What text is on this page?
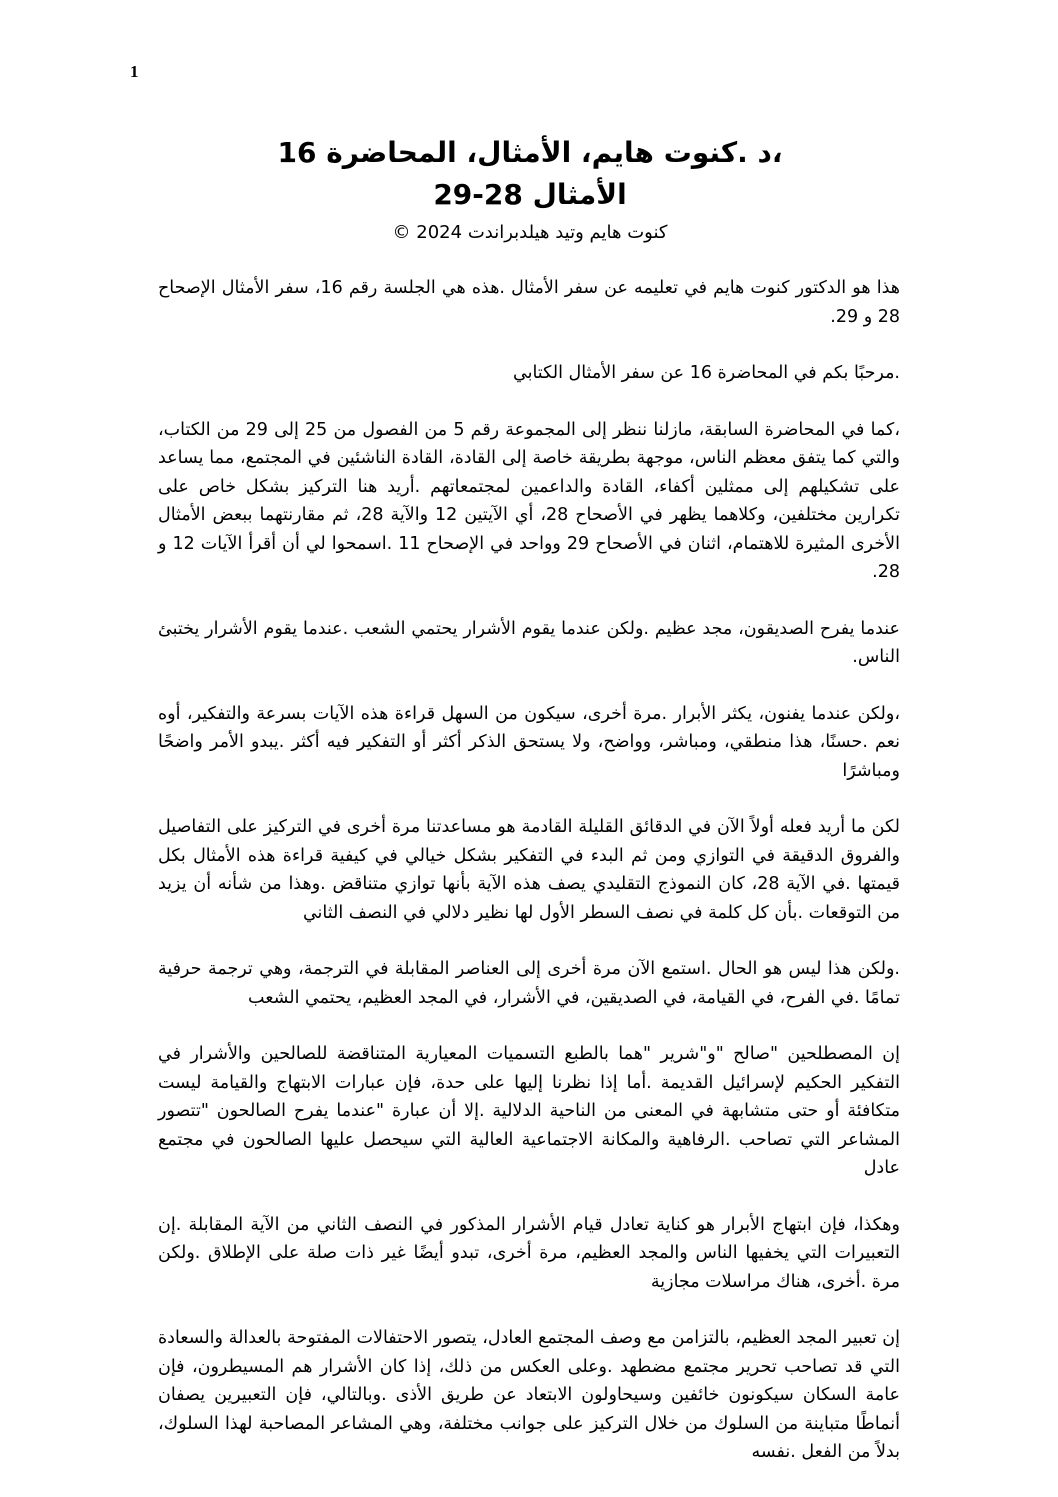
1
،د .كنوت هايم، الأمثال، المحاضرة 16
الأمثال 28-29
كنوت هايم وتيد هيلدبراندت 2024 ©

هذا هو الدكتور كنوت هايم في تعليمه عن سفر الأمثال .هذه هي الجلسة رقم 16، سفر الأمثال الإصحاح 28 و 29.

.مرحبًا بكم في المحاضرة 16 عن سفر الأمثال الكتابي

،كما في المحاضرة السابقة، مازلنا ننظر إلى المجموعة رقم 5 من الفصول من 25 إلى 29 من الكتاب، والتي كما يتفق معظم الناس، موجهة بطريقة خاصة إلى القادة، القادة الناشئين في المجتمع، مما يساعد على تشكيلهم إلى ممثلين أكفاء، القادة والداعمين لمجتمعاتهم .أريد هنا التركيز بشكل خاص على تكرارين مختلفين، وكلاهما يظهر في الأصحاح 28، أي الآيتين 12 والآية 28، ثم مقارنتهما ببعض الأمثال الأخرى المثيرة للاهتمام، اثنان في الأصحاح 29 وواحد في الإصحاح 11 .اسمحوا لي أن أقرأ الآيات 12 و 28.

عندما يفرح الصديقون، مجد عظيم .ولكن عندما يقوم الأشرار يحتمي الشعب .عندما يقوم الأشرار يختبئ الناس.

،ولكن عندما يفنون، يكثر الأبرار .مرة أخرى، سيكون من السهل قراءة هذه الآيات بسرعة والتفكير، أوه نعم .حسنًا، هذا منطقي، ومباشر، وواضح، ولا يستحق الذكر أكثر أو التفكير فيه أكثر .يبدو الأمر واضحًا ومباشرًا

لكن ما أريد فعله أولاً الآن في الدقائق القليلة القادمة هو مساعدتنا مرة أخرى في التركيز على التفاصيل والفروق الدقيقة في التوازي ومن ثم البدء في التفكير بشكل خيالي في كيفية قراءة هذه الأمثال بكل قيمتها .في الآية 28، كان النموذج التقليدي يصف هذه الآية بأنها توازي متناقض .وهذا من شأنه أن يزيد من التوقعات .بأن كل كلمة في نصف السطر الأول لها نظير دلالي في النصف الثاني

.ولكن هذا ليس هو الحال .استمع الآن مرة أخرى إلى العناصر المقابلة في الترجمة، وهي ترجمة حرفية تمامًا .في الفرح، في القيامة، في الصديقين، في الأشرار، في المجد العظيم، يحتمي الشعب

إن المصطلحين "صالح "و"شرير "هما بالطبع التسميات المعيارية المتناقضة للصالحين والأشرار في التفكير الحكيم لإسرائيل القديمة .أما إذا نظرنا إليها على حدة، فإن عبارات الابتهاج والقيامة ليست متكافئة أو حتى متشابهة في المعنى من الناحية الدلالية .إلا أن عبارة "عندما يفرح الصالحون "تتصور المشاعر التي تصاحب .الرفاهية والمكانة الاجتماعية العالية التي سيحصل عليها الصالحون في مجتمع عادل

وهكذا، فإن ابتهاج الأبرار هو كناية تعادل قيام الأشرار المذكور في النصف الثاني من الآية المقابلة .إن التعبيرات التي يخفيها الناس والمجد العظيم، مرة أخرى، تبدو أيضًا غير ذات صلة على الإطلاق .ولكن مرة .أخرى، هناك مراسلات مجازية

إن تعبير المجد العظيم، بالتزامن مع وصف المجتمع العادل، يتصور الاحتفالات المفتوحة بالعدالة والسعادة التي قد تصاحب تحرير مجتمع مضطهد .وعلى العكس من ذلك، إذا كان الأشرار هم المسيطرون، فإن عامة السكان سيكونون خائفين وسيحاولون الابتعاد عن طريق الأذى .وبالتالي، فإن التعبيرين يصفان أنماطًا متباينة من السلوك من خلال التركيز على جوانب مختلفة، وهي المشاعر المصاحبة لهذا السلوك، بدلاً من الفعل .نفسه
